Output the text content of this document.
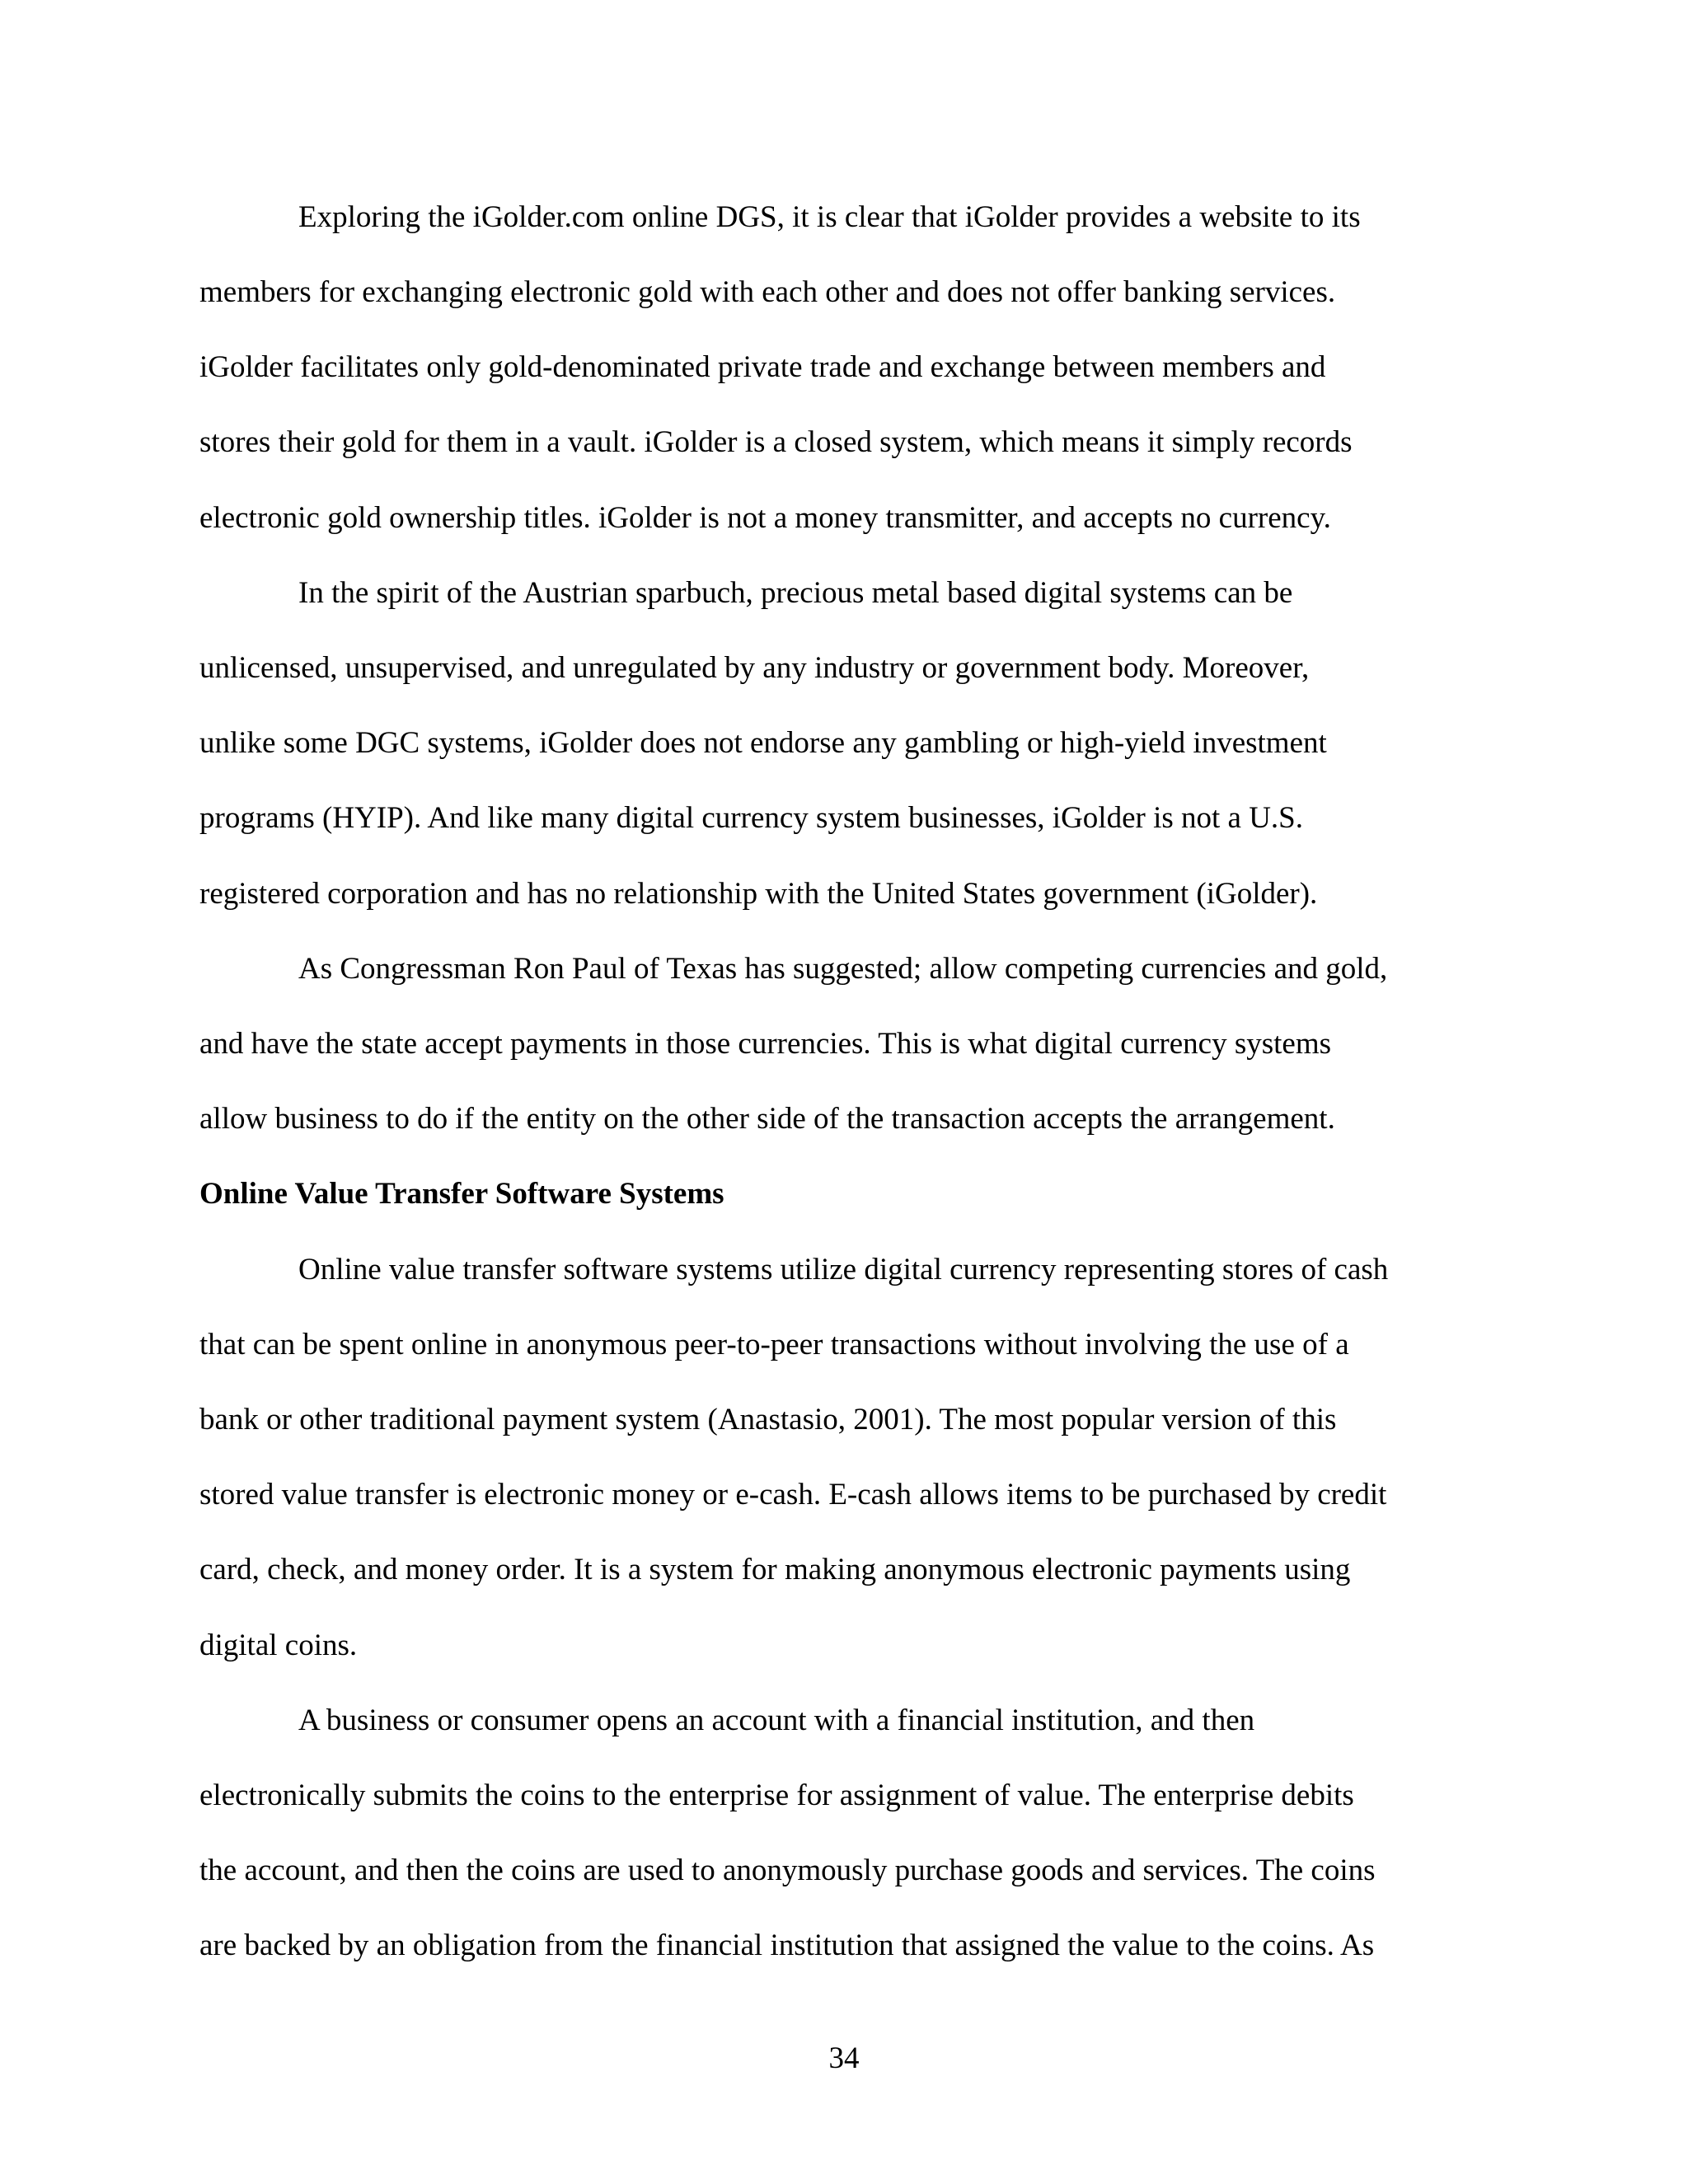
Exploring the iGolder.com online DGS, it is clear that iGolder provides a website to its

members for exchanging electronic gold with each other and does not offer banking services.

iGolder facilitates only gold-denominated private trade and exchange between members and

stores their gold for them in a vault. iGolder is a closed system, which means it simply records

electronic gold ownership titles. iGolder is not a money transmitter, and accepts no currency.

In the spirit of the Austrian sparbuch, precious metal based digital systems can be

unlicensed, unsupervised, and unregulated by any industry or government body. Moreover,

unlike some DGC systems, iGolder does not endorse any gambling or high-yield investment

programs (HYIP). And like many digital currency system businesses, iGolder is not a U.S.

registered corporation and has no relationship with the United States government (iGolder).

As Congressman Ron Paul of Texas has suggested; allow competing currencies and gold,

and have the state accept payments in those currencies. This is what digital currency systems

allow business to do if the entity on the other side of the transaction accepts the arrangement.

Online Value Transfer Software Systems

Online value transfer software systems utilize digital currency representing stores of cash

that can be spent online in anonymous peer-to-peer transactions without involving the use of a

bank or other traditional payment system (Anastasio, 2001). The most popular version of this

stored value transfer is electronic money or e-cash. E-cash allows items to be purchased by credit

card, check, and money order. It is a system for making anonymous electronic payments using

digital coins.

A business or consumer opens an account with a financial institution, and then

electronically submits the coins to the enterprise for assignment of value. The enterprise debits

the account, and then the coins are used to anonymously purchase goods and services. The coins

are backed by an obligation from the financial institution that assigned the value to the coins. As

34
